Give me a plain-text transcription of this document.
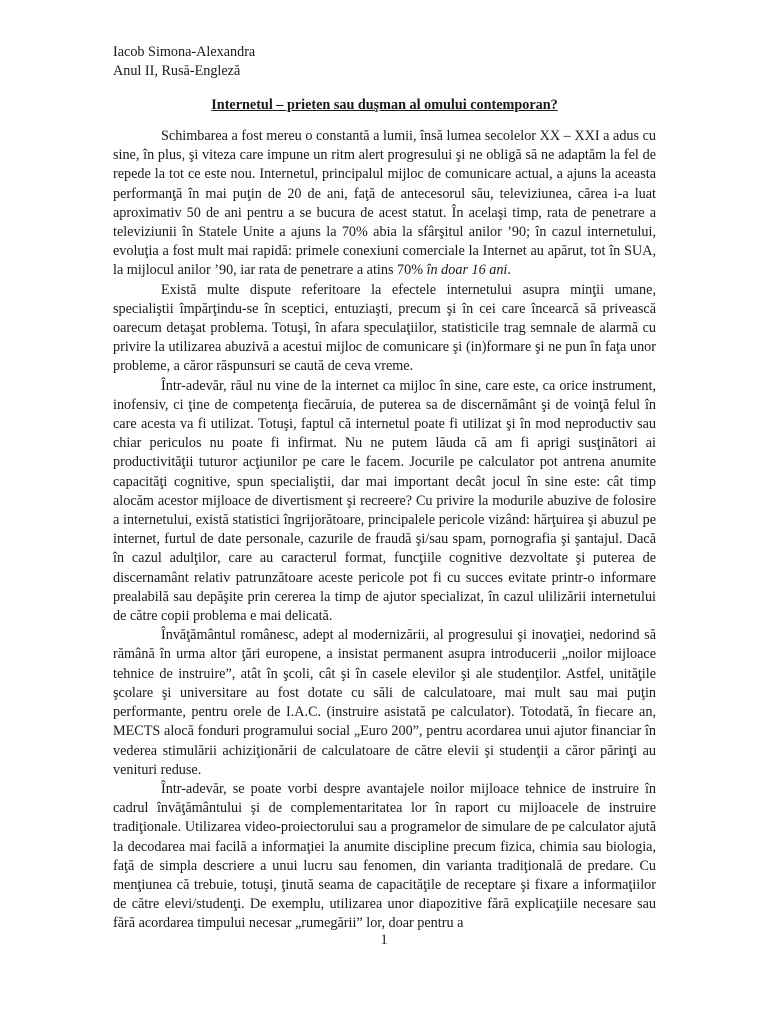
Iacob Simona-Alexandra
Anul II, Rusă-Engleză
Internetul – prieten sau duşman al omului contemporan?

Schimbarea a fost mereu o constantă a lumii, însă lumea secolelor XX – XXI a adus cu sine, în plus, şi viteza care impune un ritm alert progresului şi ne obligă să ne adaptăm la fel de repede la tot ce este nou. Internetul, principalul mijloc de comunicare actual, a ajuns la aceasta performanţă în mai puţin de 20 de ani, faţă de antecesorul său, televiziunea, cărea i-a luat aproximativ 50 de ani pentru a se bucura de acest statut. În acelaşi timp, rata de penetrare a televiziunii în Statele Unite a ajuns la 70% abia la sfârşitul anilor ’90; în cazul internetului, evoluţia a fost mult mai rapidă: primele conexiuni comerciale la Internet au apărut, tot în SUA, la mijlocul anilor ’90, iar rata de penetrare a atins 70% în doar 16 ani.

Există multe dispute referitoare la efectele internetului asupra minţii umane, specialiştii împărţindu-se în sceptici, entuziaşti, precum şi în cei care încearcă să privească oarecum detaşat problema. Totuşi, în afara speculaţiilor, statisticile trag semnale de alarmă cu privire la utilizarea abuzivă a acestui mijloc de comunicare şi (in)formare şi ne pun în faţa unor probleme, a căror răspunsuri se caută de ceva vreme.

Într-adevăr, răul nu vine de la internet ca mijloc în sine, care este, ca orice instrument, inofensiv, ci ţine de competenţa fiecăruia, de puterea sa de discernământ şi de voinţă felul în care acesta va fi utilizat. Totuşi, faptul că internetul poate fi utilizat şi în mod neproductiv sau chiar periculos nu poate fi infirmat. Nu ne putem lăuda că am fi aprigi susţinători ai productivităţii tuturor acţiunilor pe care le facem. Jocurile pe calculator pot antrena anumite capacităţi cognitive, spun specialiştii, dar mai important decât jocul în sine este: cât timp alocăm acestor mijloace de divertisment şi recreere? Cu privire la modurile abuzive de folosire a internetului, există statistici îngrijorătoare, principalele pericole vizând: hărţuirea şi abuzul pe internet, furtul de date personale, cazurile de fraudă şi/sau spam, pornografia şi şantajul. Dacă în cazul adulţilor, care au caracterul format, funcţiile cognitive dezvoltate şi puterea de discernamânt relativ patrunzătoare aceste pericole pot fi cu succes evitate printr-o informare prealabilă sau depăşite prin cererea la timp de ajutor specializat, în cazul ulilizării internetului de către copii problema e mai delicată.

Învăţământul românesc, adept al modernizării, al progresului şi inovaţiei, nedorind să rămână în urma altor ţări europene, a insistat permanent asupra introducerii „noilor mijloace tehnice de instruire”, atât în şcoli, cât şi în casele elevilor şi ale studenţilor. Astfel, unităţile şcolare şi universitare au fost dotate cu săli de calculatoare, mai mult sau mai puţin performante, pentru orele de I.A.C. (instruire asistată pe calculator). Totodată, în fiecare an, MECTS alocă fonduri programului social „Euro 200”, pentru acordarea unui ajutor financiar în vederea stimulării achiziţionării de calculatoare de către elevii şi studenţii a căror părinţi au venituri reduse.

Într-adevăr, se poate vorbi despre avantajele noilor mijloace tehnice de instruire în cadrul învăţământului şi de complementaritatea lor în raport cu mijloacele de instruire tradiţionale. Utilizarea video-proiectorului sau a programelor de simulare de pe calculator ajută la decodarea mai facilă a informaţiei la anumite discipline precum fizica, chimia sau biologia, faţă de simpla descriere a unui lucru sau fenomen, din varianta tradiţională de predare. Cu menţiunea că trebuie, totuşi, ţinută seama de capacităţile de receptare şi fixare a informaţiilor de către elevi/studenţi. De exemplu, utilizarea unor diapozitive fără explicaţiile necesare sau fără acordarea timpului necesar „rumegării” lor, doar pentru a

1
